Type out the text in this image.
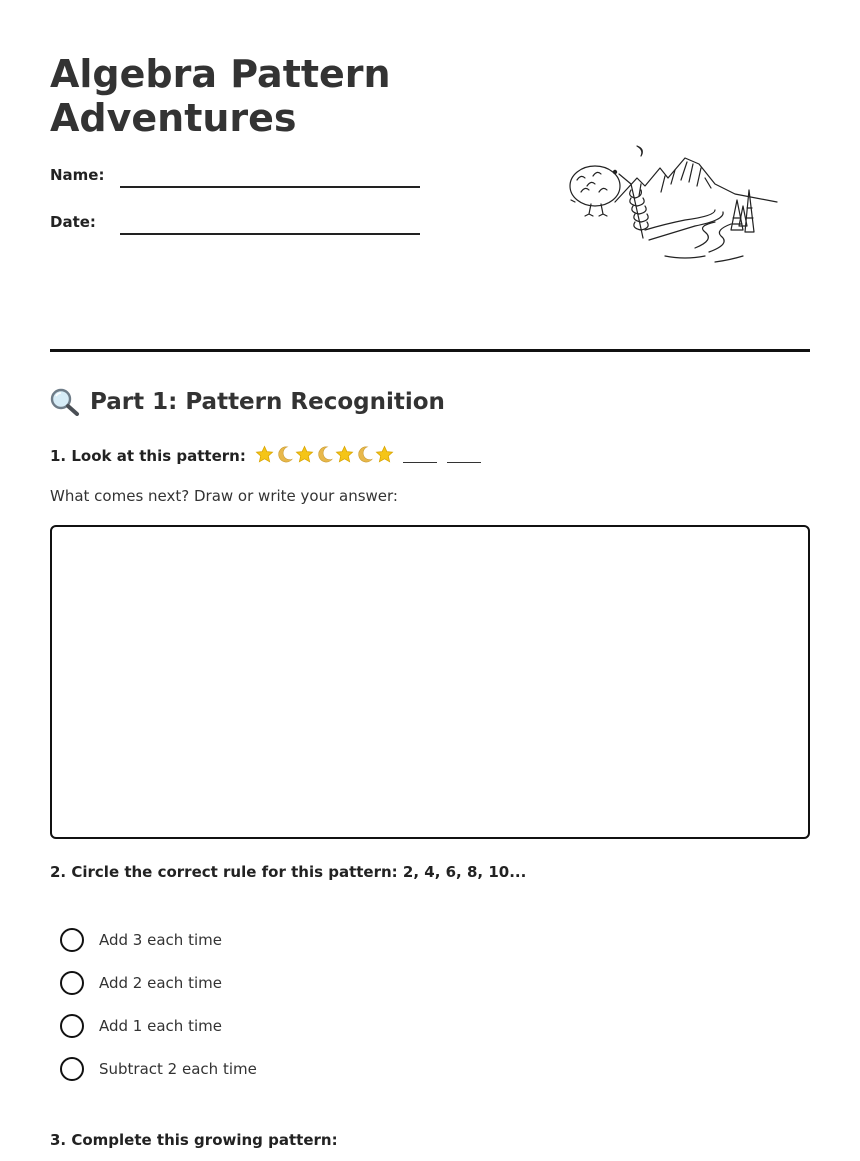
Algebra Pattern Adventures
Name:
Date:
Part 1: Pattern Recognition
1. Look at this pattern:

What comes next? Draw or write your answer:
2. Circle the correct rule for this pattern: 2, 4, 6, 8, 10...
Add 3 each time
Add 2 each time
Add 1 each time
Subtract 2 each time
3. Complete this growing pattern:
